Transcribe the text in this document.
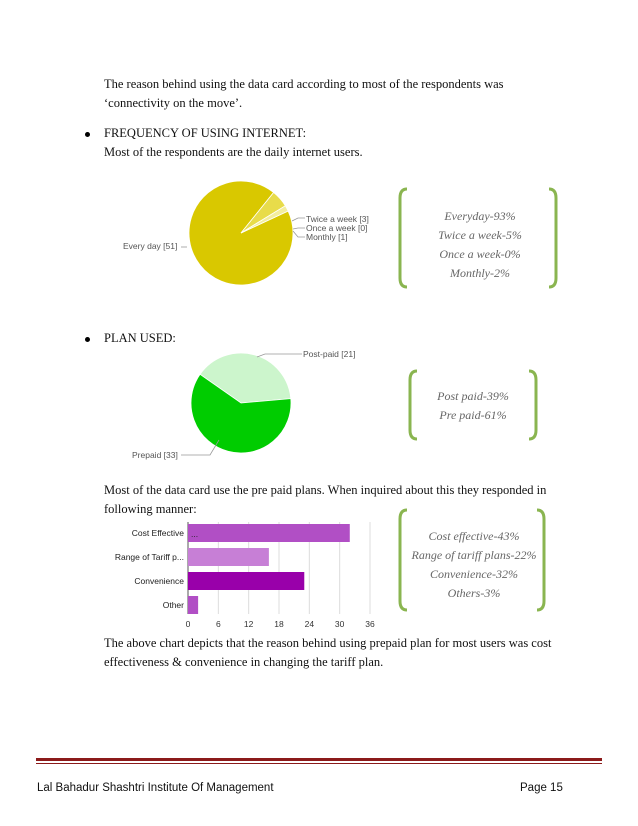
The reason behind using the data card according to most of the respondents was
‘connectivity on the move’.
FREQUENCY OF USING INTERNET:
Most of the respondents are the daily internet users.
Every day [51]
Twice a week [3]
Once a week [0]
Monthly [1]
Everyday-93%
Twice a week-5%
Once a week-0%
Monthly-2%
PLAN USED:
Post-paid [21]
Prepaid [33]
Post paid-39%
Pre paid-61%
Most of the data card use the pre paid plans. When inquired about this they responded in
following manner:
Cost Effective
Range of Tariff p...
Convenience
Other
...
0	6	12 18 24 30 36
Cost effective-43%
Range of tariff plans-22%
Convenience-32%
Others-3%
The above chart depicts that the reason behind using prepaid plan for most users was cost
effectiveness & convenience in changing the tariff plan.
Lal Bahadur Shashtri Institute Of Management	Page 15
